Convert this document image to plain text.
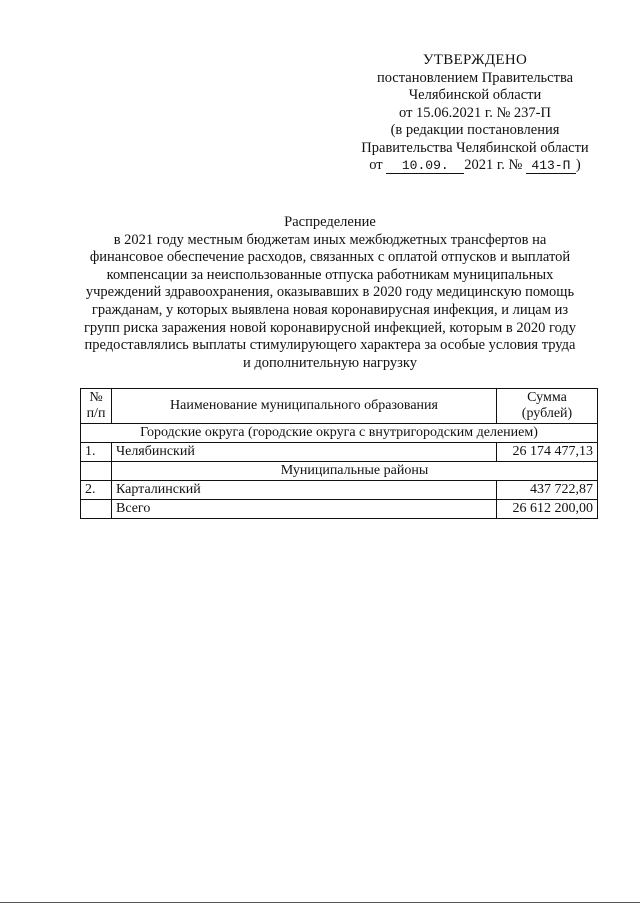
УТВЕРЖДЕНО
постановлением Правительства
Челябинской области
от 15.06.2021 г. № 237-П
(в редакции постановления
Правительства Челябинской области
от 10.09. 2021 г. № 413-П )
Распределение
в 2021 году местным бюджетам иных межбюджетных трансфертов на
финансовое обеспечение расходов, связанных с оплатой отпусков и выплатой
компенсации за неиспользованные отпуска работникам муниципальных
учреждений здравоохранения, оказывавших в 2020 году медицинскую помощь
гражданам, у которых выявлена новая коронавирусная инфекция, и лицам из
групп риска заражения новой коронавирусной инфекцией, которым в 2020 году
предоставлялись выплаты стимулирующего характера за особые условия труда
и дополнительную нагрузку
№
п/п	Наименование муниципального образования	Сумма
(рублей)
Городские округа (городские округа с внутригородским делением)		
1.	Челябинский	26 174 477,13
	Муниципальные районы	
2.	Карталинский	437 722,87
	Всего	26 612 200,00
